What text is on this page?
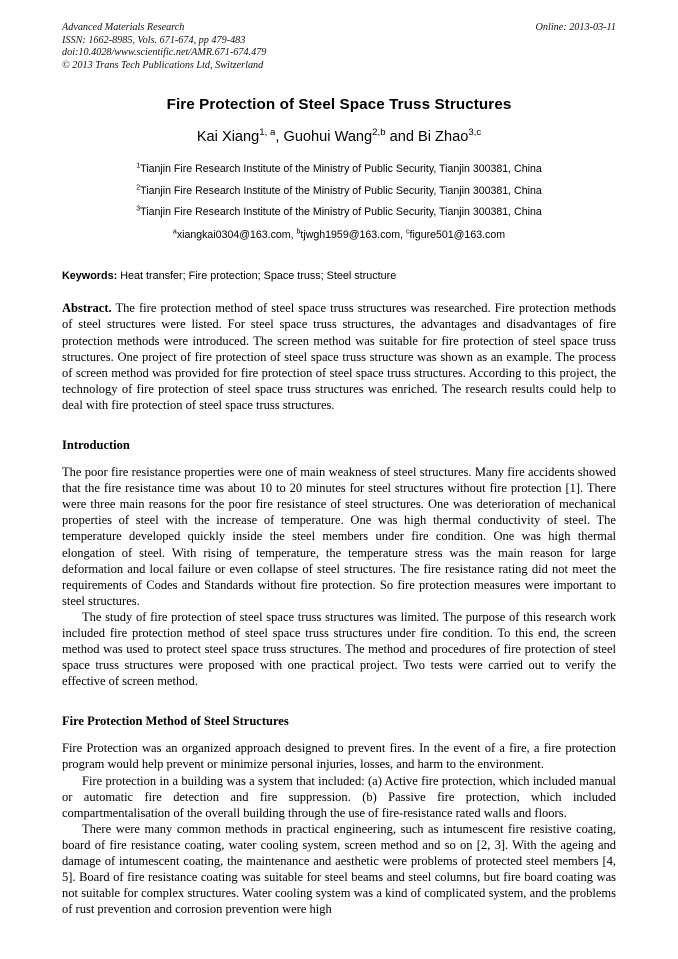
Advanced Materials Research
ISSN: 1662-8985, Vols. 671-674, pp 479-483
doi:10.4028/www.scientific.net/AMR.671-674.479
© 2013 Trans Tech Publications Ltd, Switzerland
Online: 2013-03-11
Fire Protection of Steel Space Truss Structures
Kai Xiang$^{1, a}$, Guohui Wang$^{2,b}$ and Bi Zhao$^{3,c}$
$^1$Tianjin Fire Research Institute of the Ministry of Public Security, Tianjin 300381, China
$^2$Tianjin Fire Research Institute of the Ministry of Public Security, Tianjin 300381, China
$^3$Tianjin Fire Research Institute of the Ministry of Public Security, Tianjin 300381, China
$^a$xiangkai0304@163.com, $^b$tjwgh1959@163.com, $^c$figure501@163.com
Keywords: Heat transfer; Fire protection; Space truss; Steel structure
Abstract. The fire protection method of steel space truss structures was researched. Fire protection methods of steel structures were listed. For steel space truss structures, the advantages and disadvantages of fire protection methods were introduced. The screen method was suitable for fire protection of steel space truss structures. One project of fire protection of steel space truss structure was shown as an example. The process of screen method was provided for fire protection of steel space truss structures. According to this project, the technology of fire protection of steel space truss structures was enriched. The research results could help to deal with fire protection of steel space truss structures.
Introduction
The poor fire resistance properties were one of main weakness of steel structures. Many fire accidents showed that the fire resistance time was about 10 to 20 minutes for steel structures without fire protection [1]. There were three main reasons for the poor fire resistance of steel structures. One was deterioration of mechanical properties of steel with the increase of temperature. One was high thermal conductivity of steel. The temperature developed quickly inside the steel members under fire condition. One was high thermal elongation of steel. With rising of temperature, the temperature stress was the main reason for large deformation and local failure or even collapse of steel structures. The fire resistance rating did not meet the requirements of Codes and Standards without fire protection. So fire protection measures were important to steel structures.
The study of fire protection of steel space truss structures was limited. The purpose of this research work included fire protection method of steel space truss structures under fire condition. To this end, the screen method was used to protect steel space truss structures. The method and procedures of fire protection of steel space truss structures were proposed with one practical project. Two tests were carried out to verify the effective of screen method.
Fire Protection Method of Steel Structures
Fire Protection was an organized approach designed to prevent fires. In the event of a fire, a fire protection program would help prevent or minimize personal injuries, losses, and harm to the environment.
Fire protection in a building was a system that included: (a) Active fire protection, which included manual or automatic fire detection and fire suppression. (b) Passive fire protection, which included compartmentalisation of the overall building through the use of fire-resistance rated walls and floors.
There were many common methods in practical engineering, such as intumescent fire resistive coating, board of fire resistance coating, water cooling system, screen method and so on [2, 3]. With the ageing and damage of intumescent coating, the maintenance and aesthetic were problems of protected steel members [4, 5]. Board of fire resistance coating was suitable for steel beams and steel columns, but fire board coating was not suitable for complex structures. Water cooling system was a kind of complicated system, and the problems of rust prevention and corrosion prevention were high
